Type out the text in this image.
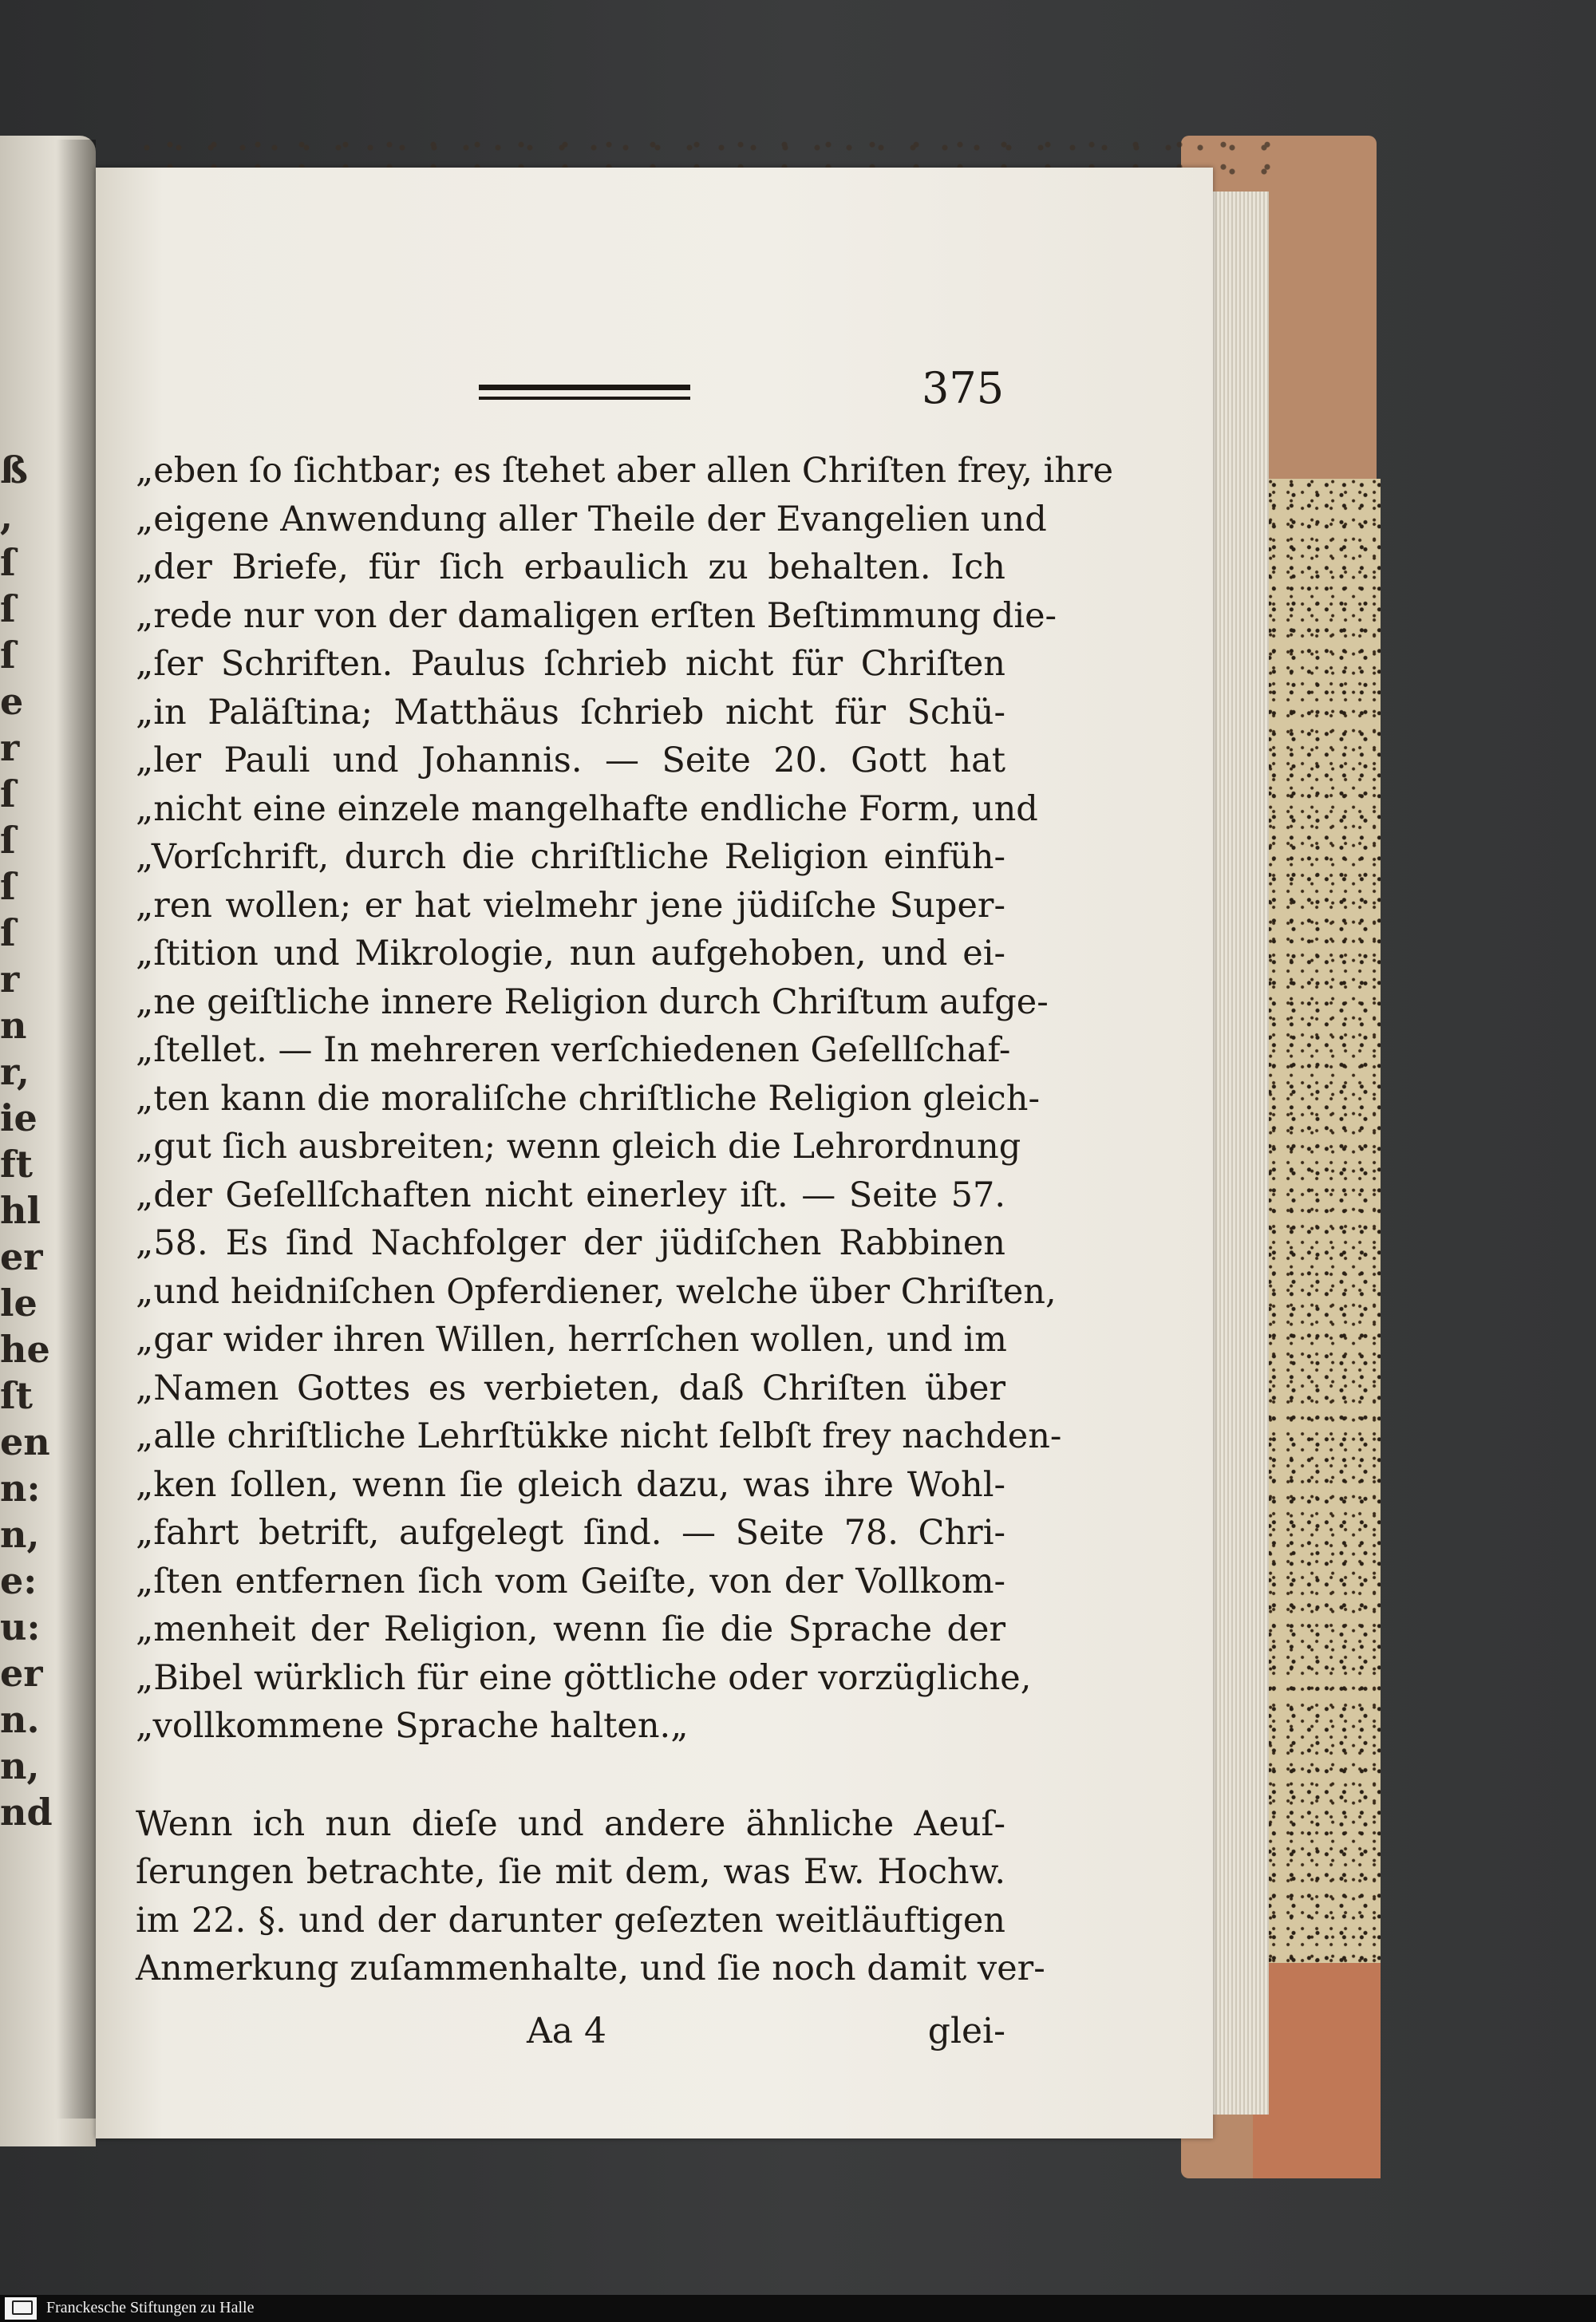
ß
,
ſ
ſ
ſ
e
r
ſ
ſ
ſ
ſ
r
n
r,
ie
ft
hl
er
le
he
ſt
en
n:
n,
e:
u:
er
n.
n,
nd
375
„eben ſo ſichtbar; es ſtehet aber allen Chriſten frey, ihre
„eigene Anwendung aller Theile der Evangelien und
„der Briefe, für ſich erbaulich zu behalten. Ich
„rede nur von der damaligen erſten Beſtimmung die-
„ſer Schriften. Paulus ſchrieb nicht für Chriſten
„in Paläſtina; Matthäus ſchrieb nicht für Schü-
„ler Pauli und Johannis. — Seite 20. Gott hat
„nicht eine einzele mangelhafte endliche Form, und
„Vorſchrift, durch die chriſtliche Religion einfüh-
„ren wollen; er hat vielmehr jene jüdiſche Super-
„ſtition und Mikrologie, nun aufgehoben, und ei-
„ne geiſtliche innere Religion durch Chriſtum aufge-
„ſtellet. — In mehreren verſchiedenen Geſellſchaf-
„ten kann die moraliſche chriſtliche Religion gleich-
„gut ſich ausbreiten; wenn gleich die Lehrordnung
„der Geſellſchaften nicht einerley iſt. — Seite 57.
„58. Es ſind Nachfolger der jüdiſchen Rabbinen
„und heidniſchen Opferdiener, welche über Chriſten,
„gar wider ihren Willen, herrſchen wollen, und im
„Namen Gottes es verbieten, daß Chriſten über
„alle chriſtliche Lehrſtükke nicht ſelbſt frey nachden-
„ken ſollen, wenn ſie gleich dazu, was ihre Wohl-
„fahrt betrift, aufgelegt ſind. — Seite 78. Chri-
„ſten entfernen ſich vom Geiſte, von der Vollkom-
„menheit der Religion, wenn ſie die Sprache der
„Bibel würklich für eine göttliche oder vorzügliche,
„vollkommene Sprache halten.„
Wenn ich nun dieſe und andere ähnliche Aeuſ-
ſerungen betrachte, ſie mit dem, was Ew. Hochw.
im 22. §. und der darunter geſezten weitläuftigen
Anmerkung zuſammenhalte, und ſie noch damit ver-
Aa 4	glei-
Franckesche Stiftungen zu Halle
